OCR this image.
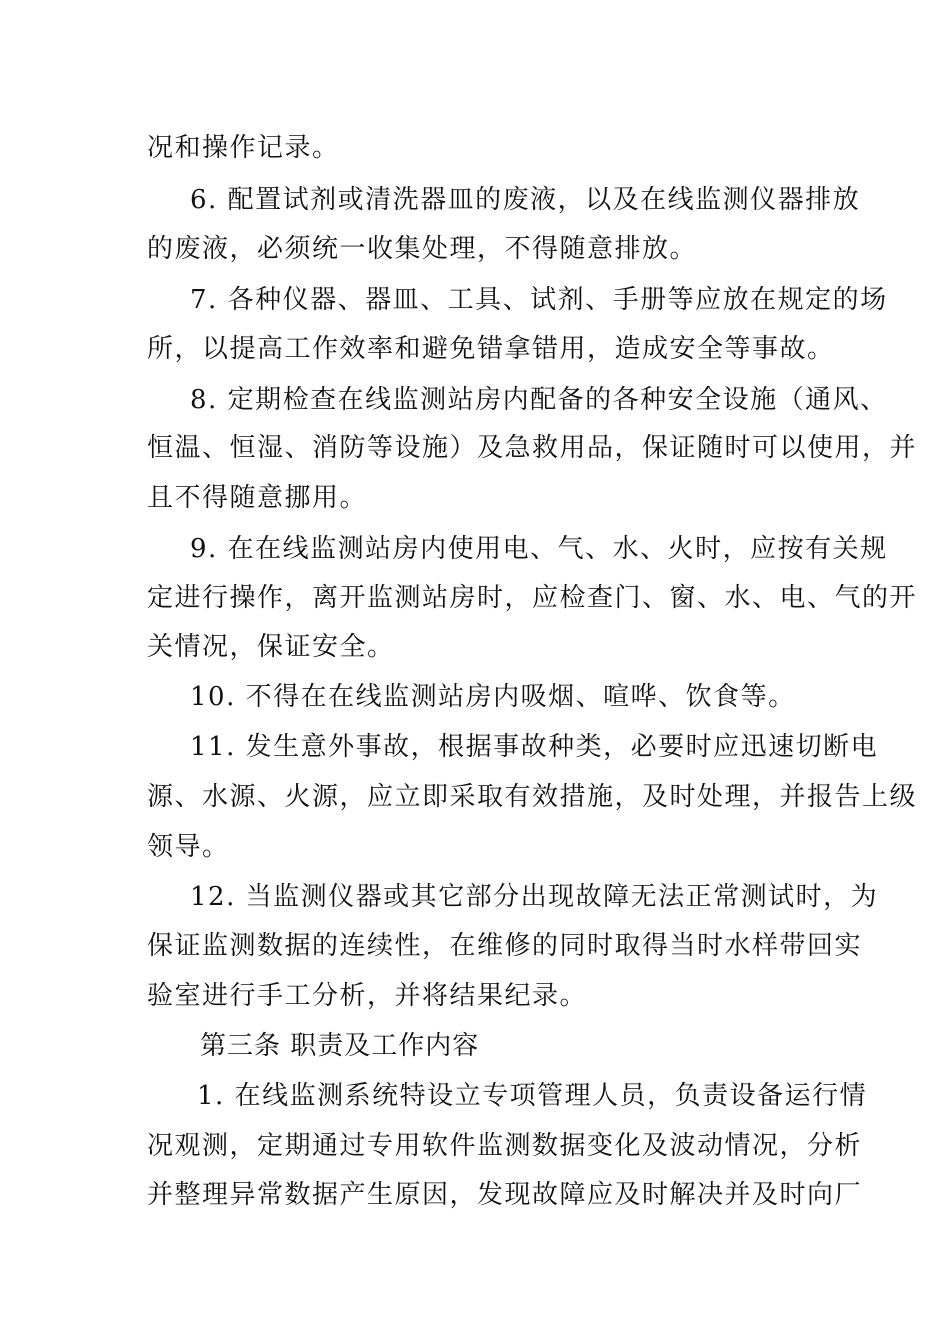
况和操作记录。
6. 配置试剂或清洗器皿的废液，以及在线监测仪器排放
的废液，必须统一收集处理，不得随意排放。
7. 各种仪器、器皿、工具、试剂、手册等应放在规定的场
所，以提高工作效率和避免错拿错用，造成安全等事故。
8. 定期检查在线监测站房内配备的各种安全设施（通风、
恒温、恒湿、消防等设施）及急救用品，保证随时可以使用，并
且不得随意挪用。
9. 在在线监测站房内使用电、气、水、火时，应按有关规
定进行操作，离开监测站房时，应检查门、窗、水、电、气的开
关情况，保证安全。
10. 不得在在线监测站房内吸烟、喧哗、饮食等。
11. 发生意外事故，根据事故种类，必要时应迅速切断电
源、水源、火源，应立即采取有效措施，及时处理，并报告上级
领导。
12. 当监测仪器或其它部分出现故障无法正常测试时，为
保证监测数据的连续性，在维修的同时取得当时水样带回实
验室进行手工分析，并将结果纪录。
第三条 职责及工作内容
1. 在线监测系统特设立专项管理人员，负责设备运行情
况观测，定期通过专用软件监测数据变化及波动情况，分析
并整理异常数据产生原因，发现故障应及时解决并及时向厂
